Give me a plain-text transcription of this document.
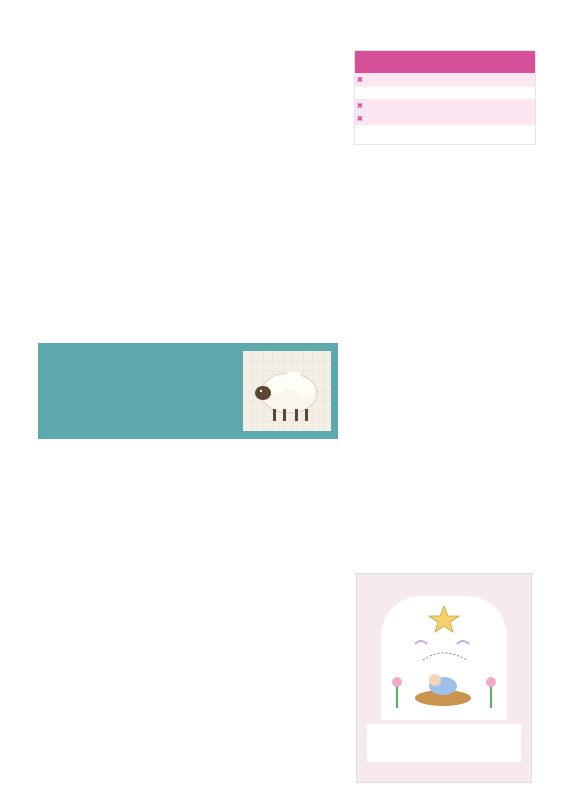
✖

✖
✖
